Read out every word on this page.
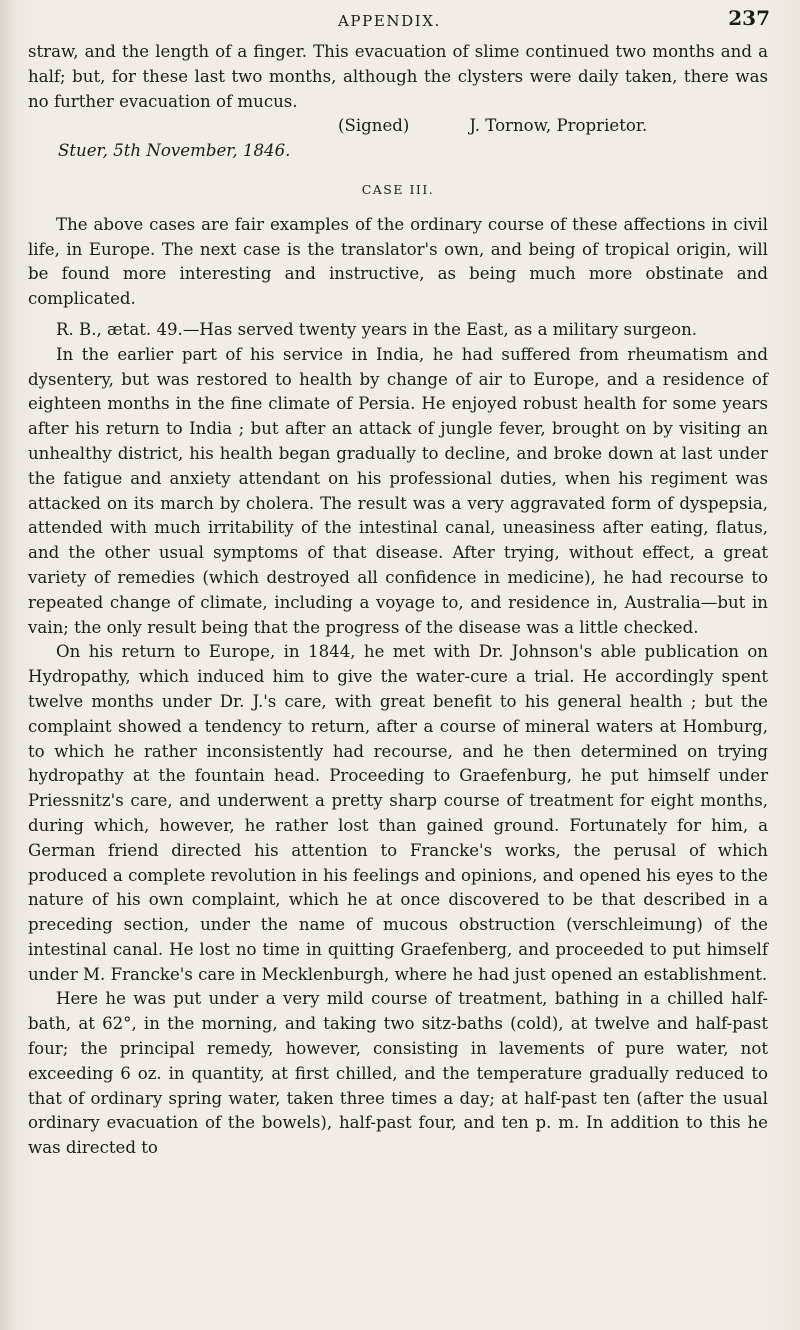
APPENDIX.	237

straw, and the length of a finger. This evacuation of slime continued two months and a half; but, for these last two months, although the clysters were daily taken, there was no further evacuation of mucus.

(Signed)	J. Tornow, Proprietor.
Stuer, 5th November, 1846.
CASE III.

The above cases are fair examples of the ordinary course of these affections in civil life, in Europe. The next case is the translator's own, and being of tropical origin, will be found more interesting and instructive, as being much more obstinate and complicated.

R. B., ætat. 49.—Has served twenty years in the East, as a military surgeon.

In the earlier part of his service in India, he had suffered from rheumatism and dysentery, but was restored to health by change of air to Europe, and a residence of eighteen months in the fine climate of Persia. He enjoyed robust health for some years after his return to India ; but after an attack of jungle fever, brought on by visiting an unhealthy district, his health began gradually to decline, and broke down at last under the fatigue and anxiety attendant on his professional duties, when his regiment was attacked on its march by cholera. The result was a very aggravated form of dyspepsia, attended with much irritability of the intestinal canal, uneasiness after eating, flatus, and the other usual symptoms of that disease. After trying, without effect, a great variety of remedies (which destroyed all confidence in medicine), he had recourse to repeated change of climate, including a voyage to, and residence in, Australia—but in vain; the only result being that the progress of the disease was a little checked.

On his return to Europe, in 1844, he met with Dr. Johnson's able publication on Hydropathy, which induced him to give the water-cure a trial. He accordingly spent twelve months under Dr. J.'s care, with great benefit to his general health ; but the complaint showed a tendency to return, after a course of mineral waters at Homburg, to which he rather inconsistently had recourse, and he then determined on trying hydropathy at the fountain head. Proceeding to Graefenburg, he put himself under Priessnitz's care, and underwent a pretty sharp course of treatment for eight months, during which, however, he rather lost than gained ground. Fortunately for him, a German friend directed his attention to Francke's works, the perusal of which produced a complete revolution in his feelings and opinions, and opened his eyes to the nature of his own complaint, which he at once discovered to be that described in a preceding section, under the name of mucous obstruction (verschleimung) of the intestinal canal. He lost no time in quitting Graefenberg, and proceeded to put himself under M. Francke's care in Mecklenburgh, where he had just opened an establishment.

Here he was put under a very mild course of treatment, bathing in a chilled half-bath, at 62°, in the morning, and taking two sitz-baths (cold), at twelve and half-past four; the principal remedy, however, consisting in lavements of pure water, not exceeding 6 oz. in quantity, at first chilled, and the temperature gradually reduced to that of ordinary spring water, taken three times a day; at half-past ten (after the usual ordinary evacuation of the bowels), half-past four, and ten p. m. In addition to this he was directed to
